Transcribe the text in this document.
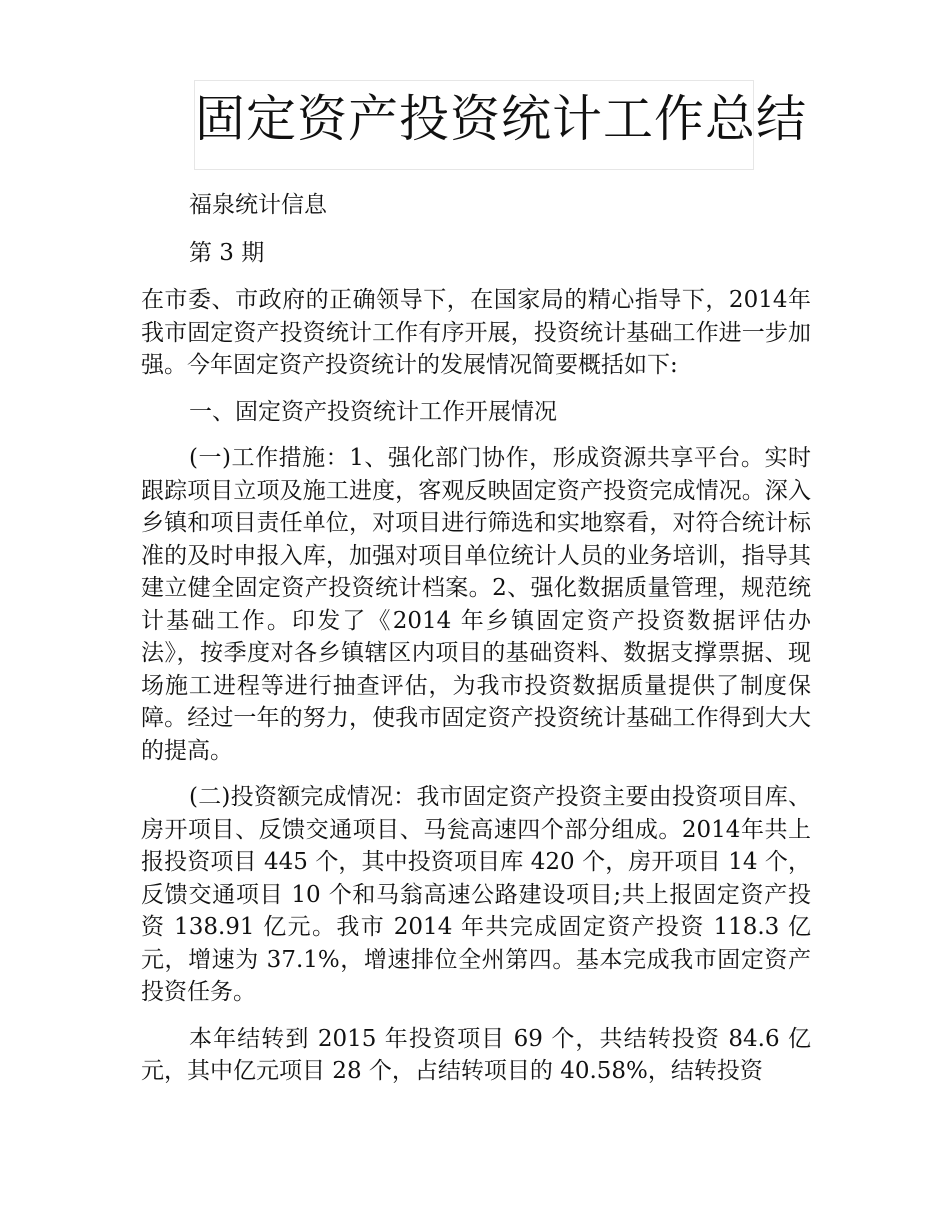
固定资产投资统计工作总结

福泉统计信息

第 3 期

在市委、市政府的正确领导下，在国家局的精心指导下，2014年我市固定资产投资统计工作有序开展，投资统计基础工作进一步加强。今年固定资产投资统计的发展情况简要概括如下:

一、固定资产投资统计工作开展情况

(一)工作措施：1、强化部门协作，形成资源共享平台。实时跟踪项目立项及施工进度，客观反映固定资产投资完成情况。深入乡镇和项目责任单位，对项目进行筛选和实地察看，对符合统计标准的及时申报入库，加强对项目单位统计人员的业务培训，指导其建立健全固定资产投资统计档案。2、强化数据质量管理，规范统计基础工作。印发了《2014 年乡镇固定资产投资数据评估办法》，按季度对各乡镇辖区内项目的基础资料、数据支撑票据、现场施工进程等进行抽查评估，为我市投资数据质量提供了制度保障。经过一年的努力，使我市固定资产投资统计基础工作得到大大的提高。

(二)投资额完成情况：我市固定资产投资主要由投资项目库、房开项目、反馈交通项目、马瓮高速四个部分组成。2014年共上报投资项目 445 个，其中投资项目库 420 个，房开项目 14 个，反馈交通项目 10 个和马翁高速公路建设项目;共上报固定资产投资 138.91 亿元。我市 2014 年共完成固定资产投资 118.3 亿元，增速为 37.1%，增速排位全州第四。基本完成我市固定资产投资任务。

本年结转到 2015 年投资项目 69 个，共结转投资 84.6 亿元，其中亿元项目 28 个，占结转项目的 40.58%，结转投资
